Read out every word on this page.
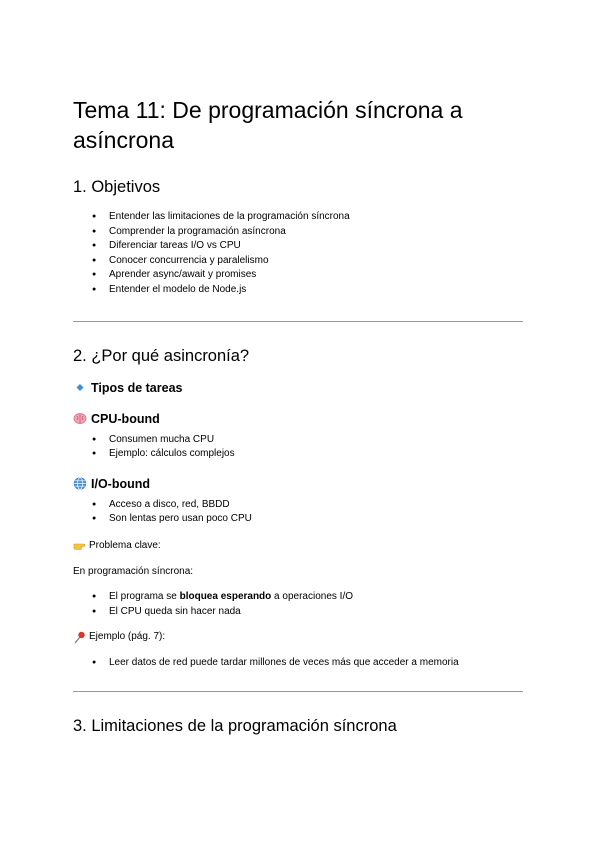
Tema 11: De programación síncrona a asíncrona
1. Objetivos
● Entender las limitaciones de la programación síncrona
● Comprender la programación asíncrona
● Diferenciar tareas I/O vs CPU
● Conocer concurrencia y paralelismo
● Aprender async/await y promises
● Entender el modelo de Node.js
2. ¿Por qué asincronía?
Tipos de tareas
CPU-bound
● Consumen mucha CPU
● Ejemplo: cálculos complejos
I/O-bound
● Acceso a disco, red, BBDD
● Son lentas pero usan poco CPU

Problema clave:

En programación síncrona:

● El programa se bloquea esperando a operaciones I/O
● El CPU queda sin hacer nada

Ejemplo (pág. 7):

● Leer datos de red puede tardar millones de veces más que acceder a memoria
3. Limitaciones de la programación síncrona
